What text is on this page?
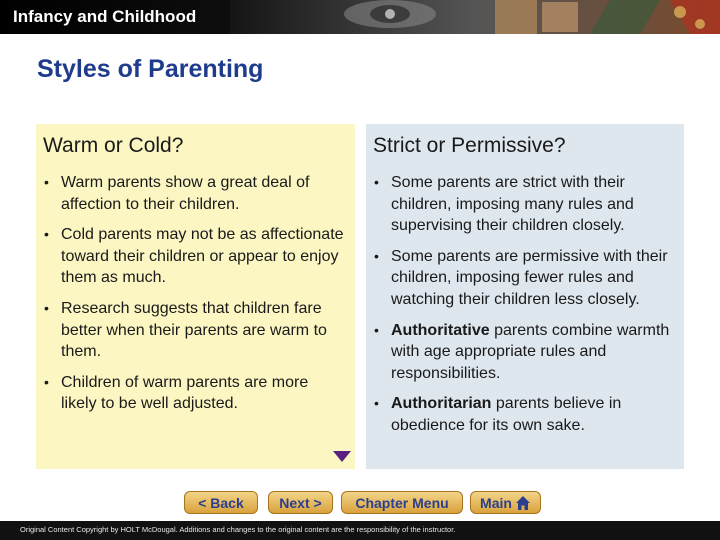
Infancy and Childhood
Styles of Parenting
Warm or Cold?
• Warm parents show a great deal of affection to their children.
• Cold parents may not be as affectionate toward their children or appear to enjoy them as much.
• Research suggests that children fare better when their parents are warm to them.
• Children of warm parents are more likely to be well adjusted.
Strict or Permissive?
• Some parents are strict with their children, imposing many rules and supervising their children closely.
• Some parents are permissive with their children, imposing fewer rules and watching their children less closely.
• Authoritative parents combine warmth with age appropriate rules and responsibilities.
• Authoritarian parents believe in obedience for its own sake.
< Back	Next > Chapter Menu Main
Original Content Copyright by HOLT McDougal. Additions and changes to the original content are the responsibility of the instructor.
